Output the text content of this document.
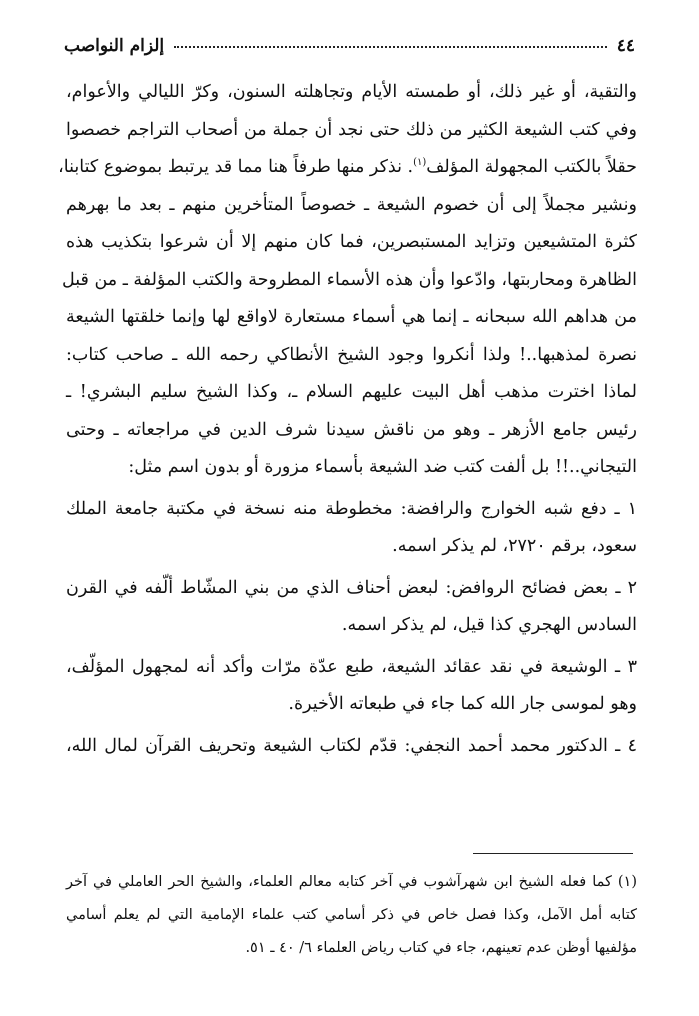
٤٤
إلزام النواصب
والتقية، أو غير ذلك، أو طمسته الأيام وتجاهلته السنون، وكرّ الليالي والأعوام،
وفي كتب الشيعة الكثير من ذلك حتى نجد أن جملة من أصحاب التراجم خصصوا
حقلاً بالكتب المجهولة المؤلف$^{(١)}$. نذكر منها طرفاً هنا مما قد يرتبط بموضوع كتابنا،
ونشير مجملاً إلى أن خصوم الشيعة ـ خصوصاً المتأخرين منهم ـ بعد ما بهرهم
كثرة المتشيعين وتزايد المستبصرين، فما كان منهم إلا أن شرعوا بتكذيب هذه
الظاهرة ومحاربتها، وادّعوا وأن هذه الأسماء المطروحة والكتب المؤلفة ـ من قبل
من هداهم الله سبحانه ـ إنما هي أسماء مستعارة لاواقع لها وإنما خلقتها الشيعة
نصرة لمذهبها..! ولذا أنكروا وجود الشيخ الأنطاكي رحمه الله ـ صاحب كتاب:
لماذا اخترت مذهب أهل البيت عليهم السلام ـ، وكذا الشيخ سليم البشري! ـ
رئيس جامع الأزهر ـ وهو من ناقش سيدنا شرف الدين في مراجعاته ـ وحتى
التيجاني..!! بل ألفت كتب ضد الشيعة بأسماء مزورة أو بدون اسم مثل:
١ ـ دفع شبه الخوارج والرافضة: مخطوطة منه نسخة في مكتبة جامعة الملك
سعود، برقم ٢٧٢٠، لم يذكر اسمه.
٢ ـ بعض فضائح الروافض: لبعض أحناف الذي من بني المشّاط ألّفه في القرن
السادس الهجري كذا قيل، لم يذكر اسمه.
٣ ـ الوشيعة في نقد عقائد الشيعة، طبع عدّة مرّات وأكد أنه لمجهول المؤلّف،
وهو لموسى جار الله كما جاء في طبعاته الأخيرة.
٤ ـ الدكتور محمد أحمد النجفي: قدّم لكتاب الشيعة وتحريف القرآن لمال الله،
(١) كما فعله الشيخ ابن شهرآشوب في آخر كتابه معالم العلماء، والشيخ الحر العاملي في آخر
كتابه أمل الآمل، وكذا فصل خاص في ذكر أسامي كتب علماء الإمامية التي لم يعلم أسامي
مؤلفيها أوظن عدم تعينهم، جاء في كتاب رياض العلماء ٦/ ٤٠ ـ ٥١.
